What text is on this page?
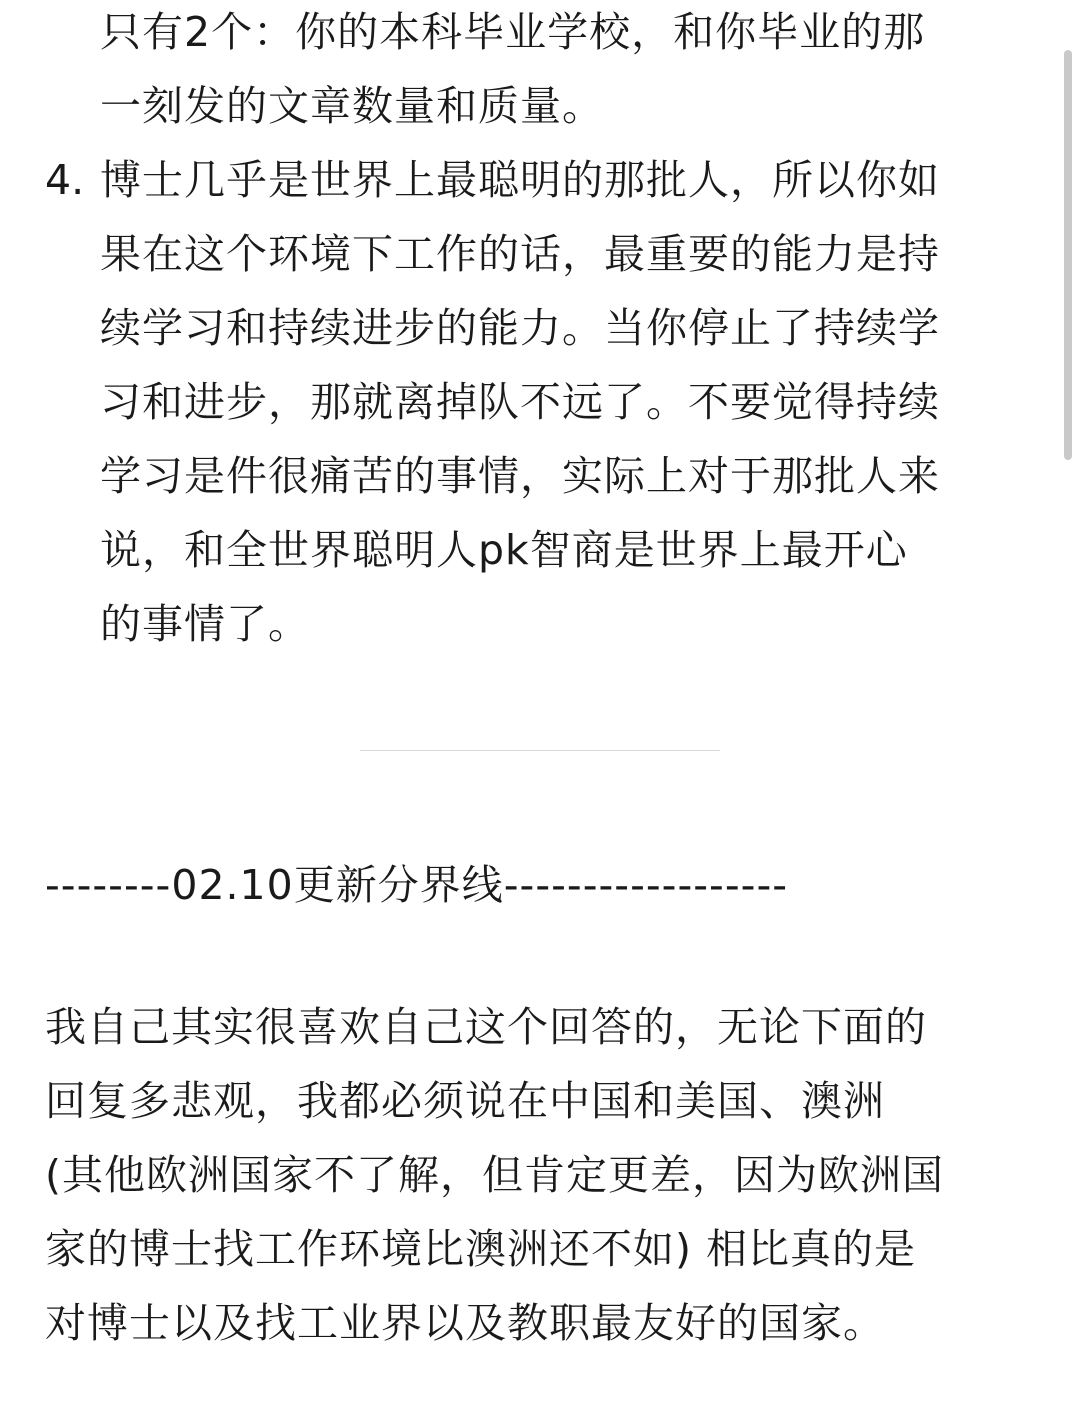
只有2个：你的本科毕业学校，和你毕业的那
一刻发的文章数量和质量。
4. 博士几乎是世界上最聪明的那批人，所以你如
果在这个环境下工作的话，最重要的能力是持
续学习和持续进步的能力。当你停止了持续学
习和进步，那就离掉队不远了。不要觉得持续
学习是件很痛苦的事情，实际上对于那批人来
说，和全世界聪明人pk智商是世界上最开心
的事情了。
--------02.10更新分界线------------------
我自己其实很喜欢自己这个回答的，无论下面的
回复多悲观，我都必须说在中国和美国、澳洲
(其他欧洲国家不了解，但肯定更差，因为欧洲国
家的博士找工作环境比澳洲还不如) 相比真的是
对博士以及找工业界以及教职最友好的国家。
